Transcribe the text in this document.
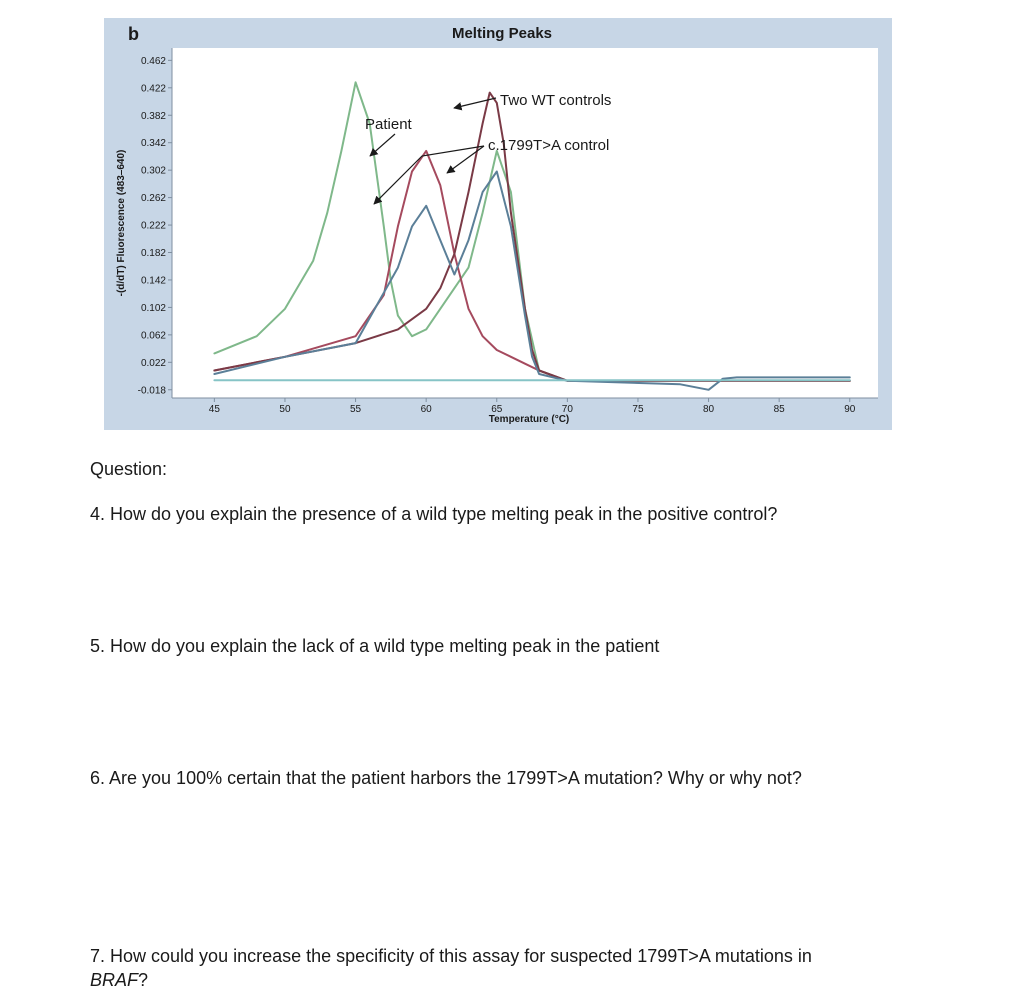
b	Melting Peaks
Temperature (°C)
-(d/dT) Fluorescence (483–640)
0.462
0.422
0.382
0.342
0.302
0.262
0.222
0.182
0.142
0.102
0.062
0.022
-0.018
45	50	55	60	65	70	75	80	85	90
Two WT controls
Patient
c.1799T>A control

Question:

4. How do you explain the presence of a wild type melting peak in the positive control?

5. How do you explain the lack of a wild type melting peak in the patient

6. Are you 100% certain that the patient harbors the 1799T>A mutation? Why or why not?

7. How could you increase the specificity of this assay for suspected 1799T>A mutations in
BRAF?
